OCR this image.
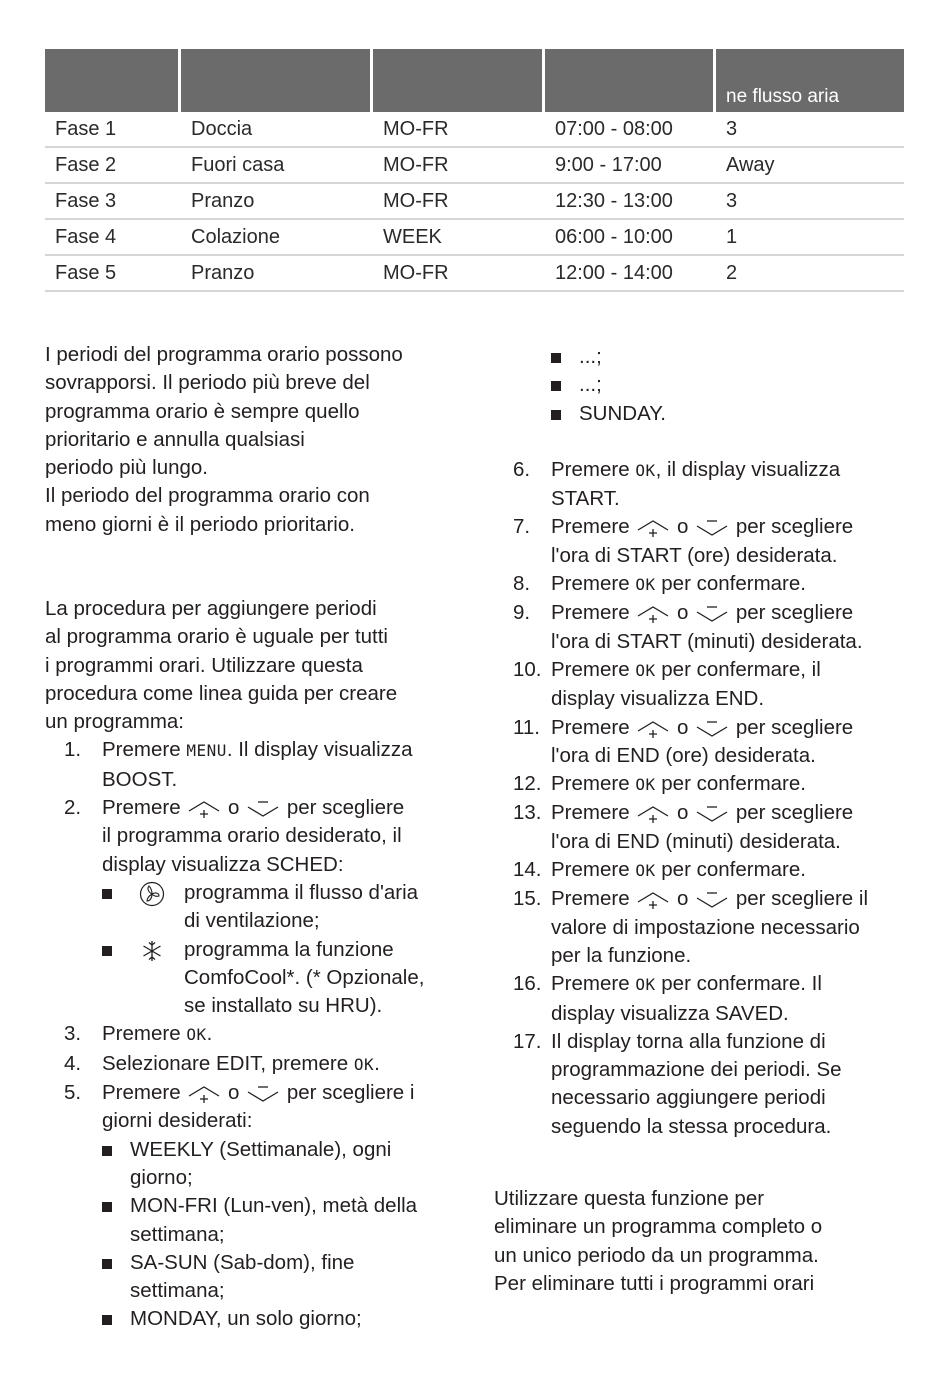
ne flusso aria
Fase 1	Doccia	MO-FR	07:00 - 08:00	3
Fase 2	Fuori casa	MO-FR	9:00 - 17:00	Away
Fase 3	Pranzo	MO-FR	12:30 - 13:00	3
Fase 4	Colazione	WEEK	06:00 - 10:00	1
Fase 5	Pranzo	MO-FR	12:00 - 14:00	2
I periodi del programma orario possono
sovrapporsi. Il periodo più breve del
programma orario è sempre quello
prioritario e annulla qualsiasi
periodo più lungo.
Il periodo del programma orario con
meno giorni è il periodo prioritario.
La procedura per aggiungere periodi
al programma orario è uguale per tutti
i programmi orari. Utilizzare questa
procedura come linea guida per creare
un programma:
1.	Premere MENU. Il display visualizza
BOOST.
2.	Premere o per scegliere
il programma orario desiderato, il
display visualizza SCHED:
programma il flusso d'aria
di ventilazione;
programma la funzione
ComfoCool*. (* Opzionale,
se installato su HRU).
3.	Premere OK.
4.	Selezionare EDIT, premere OK.
5.	Premere o per scegliere i
giorni desiderati:
WEEKLY (Settimanale), ogni
giorno;
MON-FRI (Lun-ven), metà della
settimana;
SA-SUN (Sab-dom), fine
settimana;
MONDAY, un solo giorno;
...;
...;
SUNDAY.
6.	Premere OK, il display visualizza
START.
7.	Premere o per scegliere
l'ora di START (ore) desiderata.
8.	Premere OK per confermare.
9.	Premere o per scegliere
l'ora di START (minuti) desiderata.
10. Premere OK per confermare, il
display visualizza END.
11. Premere o per scegliere
l'ora di END (ore) desiderata.
12. Premere OK per confermare.
13. Premere o per scegliere
l'ora di END (minuti) desiderata.
14. Premere OK per confermare.
15. Premere o per scegliere il
valore di impostazione necessario
per la funzione.
16. Premere OK per confermare. Il
display visualizza SAVED.
17. Il display torna alla funzione di
programmazione dei periodi. Se
necessario aggiungere periodi
seguendo la stessa procedura.
Utilizzare questa funzione per
eliminare un programma completo o
un unico periodo da un programma.
Per eliminare tutti i programmi orari
